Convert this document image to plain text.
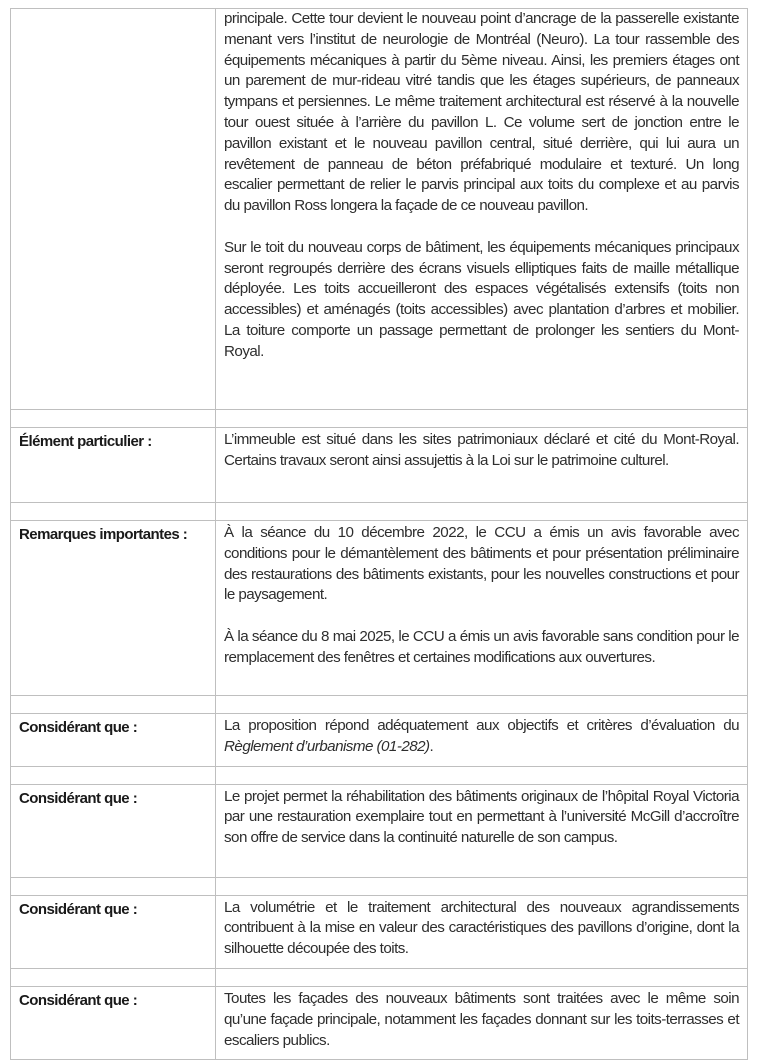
	principale. Cette tour devient le nouveau point d’ancrage de la passerelle existante menant vers l’institut de neurologie de Montréal (Neuro). La tour rassemble des équipements mécaniques à partir du 5ème niveau. Ainsi, les premiers étages ont un parement de mur-rideau vitré tandis que les étages supérieurs, de panneaux tympans et persiennes. Le même traitement architectural est réservé à la nouvelle tour ouest située à l’arrière du pavillon L. Ce volume sert de jonction entre le pavillon existant et le nouveau pavillon central, situé derrière, qui lui aura un revêtement de panneau de béton préfabriqué modulaire et texturé. Un long escalier permettant de relier le parvis principal aux toits du complexe et au parvis du pavillon Ross longera la façade de ce nouveau pavillon.

Sur le toit du nouveau corps de bâtiment, les équipements mécaniques principaux seront regroupés derrière des écrans visuels elliptiques faits de maille métallique déployée. Les toits accueilleront des espaces végétalisés extensifs (toits non accessibles) et aménagés (toits accessibles) avec plantation d’arbres et mobilier. La toiture comporte un passage permettant de prolonger les sentiers du Mont-Royal.

Élément particulier :	L’immeuble est situé dans les sites patrimoniaux déclaré et cité du Mont-Royal. Certains travaux seront ainsi assujettis à la Loi sur le patrimoine culturel.

Remarques importantes :	À la séance du 10 décembre 2022, le CCU a émis un avis favorable avec conditions pour le démantèlement des bâtiments et pour présentation préliminaire des restaurations des bâtiments existants, pour les nouvelles constructions et pour le paysagement.

À la séance du 8 mai 2025, le CCU a émis un avis favorable sans condition pour le remplacement des fenêtres et certaines modifications aux ouvertures.

Considérant que :	La proposition répond adéquatement aux objectifs et critères d’évaluation du Règlement d’urbanisme (01-282).

Considérant que :	Le projet permet la réhabilitation des bâtiments originaux de l’hôpital Royal Victoria par une restauration exemplaire tout en permettant à l’université McGill d’accroître son offre de service dans la continuité naturelle de son campus.

Considérant que :	La volumétrie et le traitement architectural des nouveaux agrandissements contribuent à la mise en valeur des caractéristiques des pavillons d’origine, dont la silhouette découpée des toits.

Considérant que :	Toutes les façades des nouveaux bâtiments sont traitées avec le même soin qu’une façade principale, notamment les façades donnant sur les toits-terrasses et escaliers publics.
